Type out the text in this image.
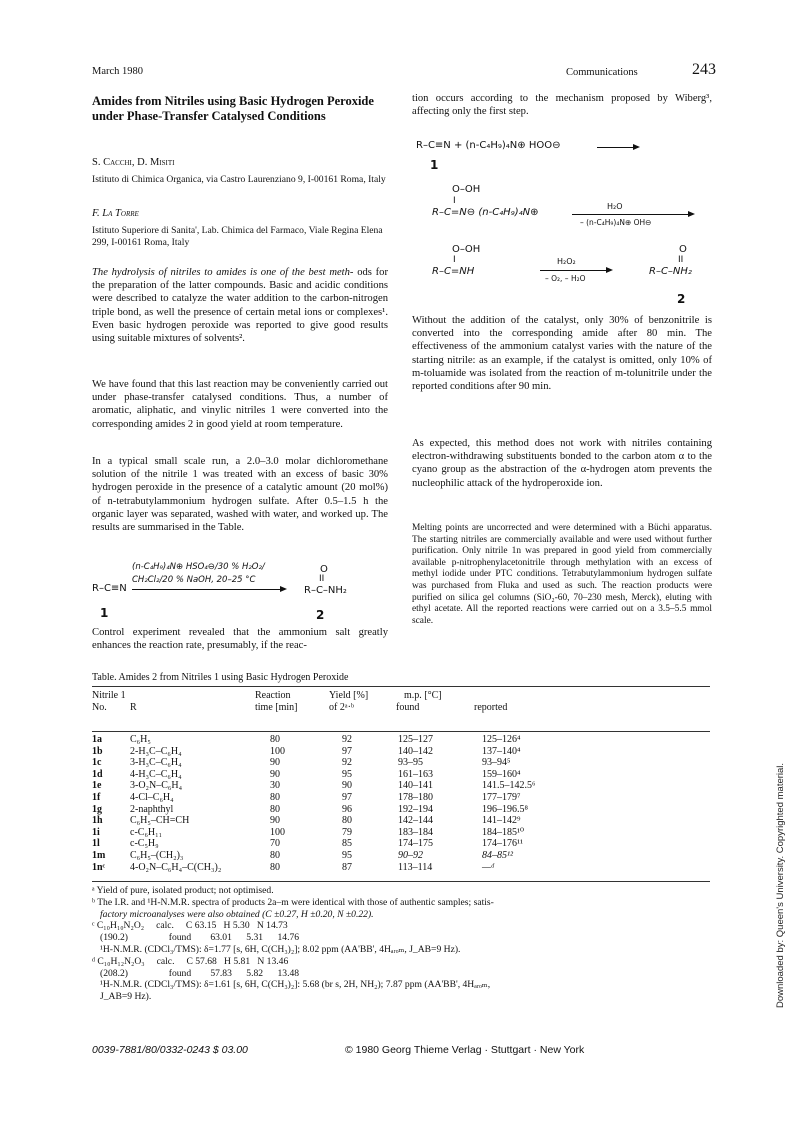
March 1980	Communications	243
Amides from Nitriles using Basic Hydrogen Peroxide under Phase-Transfer Catalysed Conditions
S. Cacchi, D. Misiti
Istituto di Chimica Organica, via Castro Laurenziano 9, I-00161 Roma, Italy
F. La Torre
Istituto Superiore di Sanita', Lab. Chimica del Farmaco, Viale Regina Elena 299, I-00161 Roma, Italy
The hydrolysis of nitriles to amides is one of the best meth- ods for the preparation of the latter compounds. Basic and acidic conditions were described to catalyze the water addition to the carbon-nitrogen triple bond, as well the presence of certain metal ions or complexes¹. Even basic hydrogen peroxide was reported to give good results using suitable mixtures of solvents².
We have found that this last reaction may be conveniently carried out under phase-transfer catalysed conditions. Thus, a number of aromatic, aliphatic, and vinylic nitriles 1 were converted into the corresponding amides 2 in good yield at room temperature.
In a typical small scale run, a 2.0–3.0 molar dichloromethane solution of the nitrile 1 was treated with an excess of basic 30% hydrogen peroxide in the presence of a catalytic amount (20 mol%) of n-tetrabutylammonium hydrogen sulfate. After 0.5–1.5 h the organic layer was separated, washed with water, and worked up. The results are summarised in the Table.
(n-C₄H₉)₄N⊕ HSO₄⊖/30 % H₂O₂/
CH₂Cl₂/20 % NaOH, 20–25 °C
R–C≡N
O
II
R–C–NH₂
1	2
Control experiment revealed that the ammonium salt greatly enhances the reaction rate, presumably, if the reac-
tion occurs according to the mechanism proposed by Wiberg³, affecting only the first step.
R–C≡N + (n-C₄H₉)₄N⊕ HOO⊖
1
O–OH
I
R–C=N⊖ (n-C₄H₉)₄N⊕
H₂O
– (n-C₄H₉)₄N⊕ OH⊖
O–OH
I
R–C=NH
H₂O₂
– O₂, – H₂O
O
II
R–C–NH₂
2
Without the addition of the catalyst, only 30% of benzonitrile is converted into the corresponding amide after 80 min. The effectiveness of the ammonium catalyst varies with the nature of the starting nitrile: as an example, if the catalyst is omitted, only 10% of m-toluamide was isolated from the reaction of m-tolunitrile under the reported conditions after 90 min.
As expected, this method does not work with nitriles containing electron-withdrawing substituents bonded to the carbon atom α to the cyano group as the abstraction of the α-hydrogen atom prevents the nucleophilic attack of the hydroperoxide ion.
Melting points are uncorrected and were determined with a Büchi apparatus. The starting nitriles are commercially available and were used without further purification. Only nitrile 1n was prepared in good yield from commercially available p-nitrophenylacetonitrile through methylation with an excess of methyl iodide under PTC conditions. Tetrabutylammonium hydrogen sulfate was purchased from Fluka and used as such. The reaction products were purified on silica gel columns (SiO₂-60, 70–230 mesh, Merck), eluting with ethyl acetate. All the reported reactions were carried out on a 3.5–5.5 mmol scale.
Table. Amides 2 from Nitriles 1 using Basic Hydrogen Peroxide
Nitrile 1
No. R
Reaction
time [min]
Yield [%]
of 2ᵃ·ᵇ
m.p. [°C]
found	reported
1a	C₆H₅	80	92	125–127	125–126⁴
1b	2-H₃C–C₆H₄	100	97	140–142	137–140⁴
1c	3-H₃C–C₆H₄	90	92	93–95	93–94⁵
1d	4-H₃C–C₆H₄	90	95	161–163	159–160⁴
1e	3-O₂N–C₆H₄	30	90	140–141	141.5–142.5⁶
1f	4-Cl–C₆H₄	80	97	178–180	177–179⁷
1g	2-naphthyl	80	96	192–194	196–196.5⁸
1h	C₆H₅–CH=CH	90	80	142–144	141–142⁹
1i	c-C₆H₁₁	100	79	183–184	184–185¹⁰
1l	c-C₅H₉	70	85	174–175	174–176¹¹
1m	C₆H₅–(CH₂)₃	80	95	90–92	84–85¹²
1nᶜ	4-O₂N–C₆H₄–C(CH₃)₂	80	87	113–114	—ᵈ
ᵃ Yield of pure, isolated product; not optimised.
ᵇ The I.R. and ¹H-N.M.R. spectra of products 2a–m were identical with those of authentic samples; satis-
factory microanalyses were also obtained (C ±0.27, H ±0.20, N ±0.22).
ᶜ C₁₀H₁₀N₂O₂     calc.     C 63.15   H 5.30   N 14.73
(190.2)                 found        63.01      5.31      14.76
¹H-N.M.R. (CDCl₃/TMS): δ=1.77 [s, 6H, C(CH₃)₂]; 8.02 ppm (AA'BB', 4Hₐᵣₒₘ, J_AB=9 Hz).
ᵈ C₁₀H₁₂N₂O₃     calc.     C 57.68   H 5.81   N 13.46
(208.2)                 found        57.83      5.82      13.48
¹H-N.M.R. (CDCl₃/TMS): δ=1.61 [s, 6H, C(CH₃)₂]: 5.68 (br s, 2H, NH₂); 7.87 ppm (AA'BB', 4Hₐᵣₒₘ,
J_AB=9 Hz).
0039-7881/80/0332-0243 $ 03.00	© 1980 Georg Thieme Verlag · Stuttgart · New York
Downloaded by: Queen's University. Copyrighted material.
